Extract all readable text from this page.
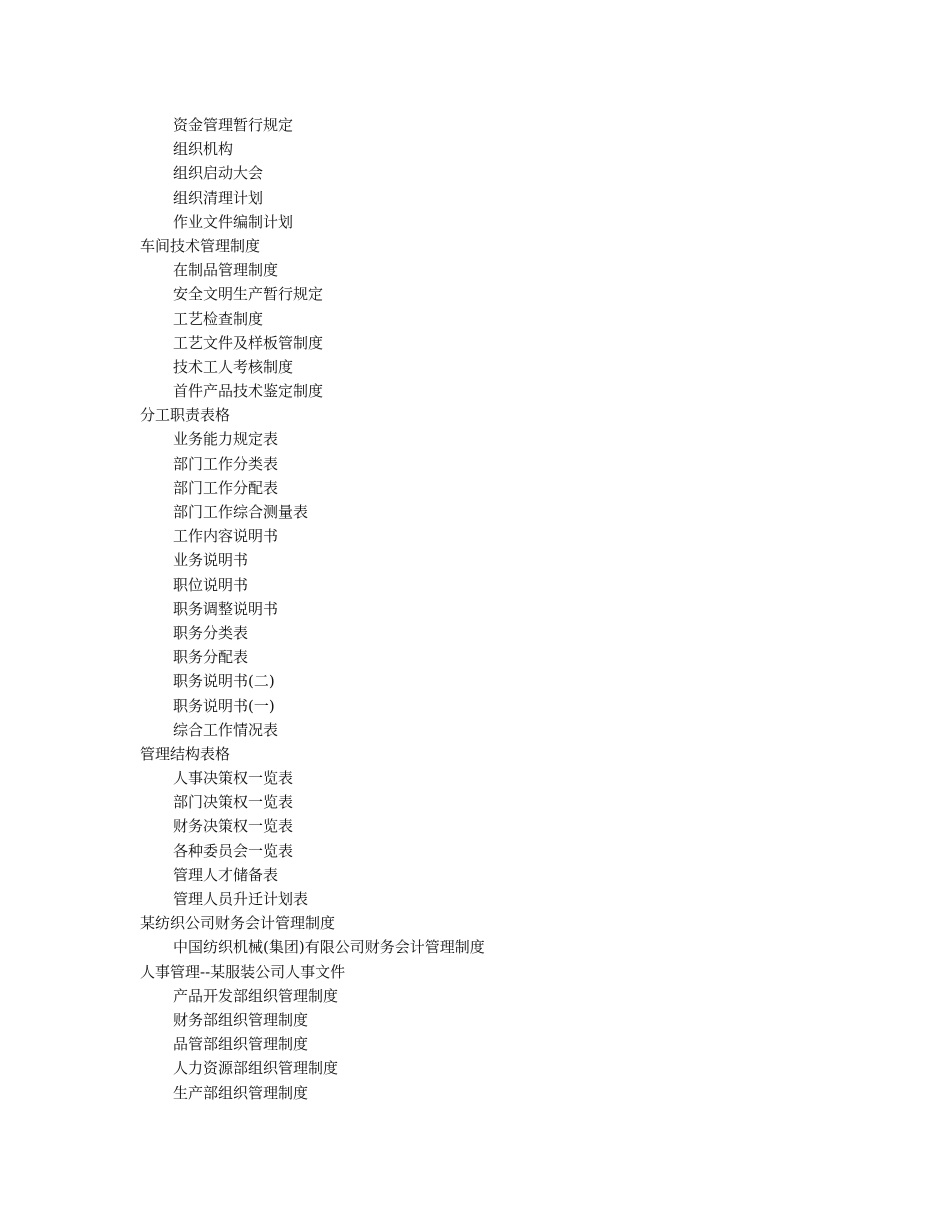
资金管理暂行规定
组织机构
组织启动大会
组织清理计划
作业文件编制计划
车间技术管理制度
在制品管理制度
安全文明生产暂行规定
工艺检查制度
工艺文件及样板管制度
技术工人考核制度
首件产品技术鉴定制度
分工职责表格
业务能力规定表
部门工作分类表
部门工作分配表
部门工作综合测量表
工作内容说明书
业务说明书
职位说明书
职务调整说明书
职务分类表
职务分配表
职务说明书(二)
职务说明书(一)
综合工作情况表
管理结构表格
人事决策权一览表
部门决策权一览表
财务决策权一览表
各种委员会一览表
管理人才储备表
管理人员升迁计划表
某纺织公司财务会计管理制度
中国纺织机械(集团)有限公司财务会计管理制度
人事管理--某服装公司人事文件
产品开发部组织管理制度
财务部组织管理制度
品管部组织管理制度
人力资源部组织管理制度
生产部组织管理制度
